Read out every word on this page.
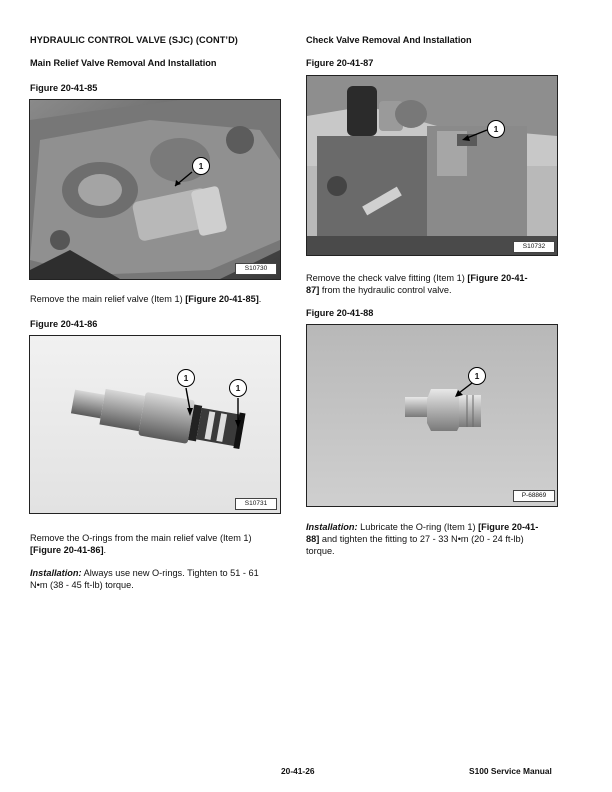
HYDRAULIC CONTROL VALVE (SJC) (CONT’D)
Main Relief Valve Removal And Installation
Figure 20-41-85
1
S10730
Remove the main relief valve (Item 1) [Figure 20-41-85].
Figure 20-41-86
1
1
S10731
Remove the O-rings from the main relief valve (Item 1)
[Figure 20-41-86].
Installation: Always use new O-rings. Tighten to 51 - 61
N•m (38 - 45 ft-lb) torque.
Check Valve Removal And Installation
Figure 20-41-87
1
S10732
Remove the check valve fitting (Item 1) [Figure 20-41-
87] from the hydraulic control valve.
Figure 20-41-88
1
P-68869
Installation: Lubricate the O-ring (Item 1) [Figure 20-41-
88] and tighten the fitting to 27 - 33 N•m (20 - 24 ft-lb)
torque.
20-41-26	S100 Service Manual
